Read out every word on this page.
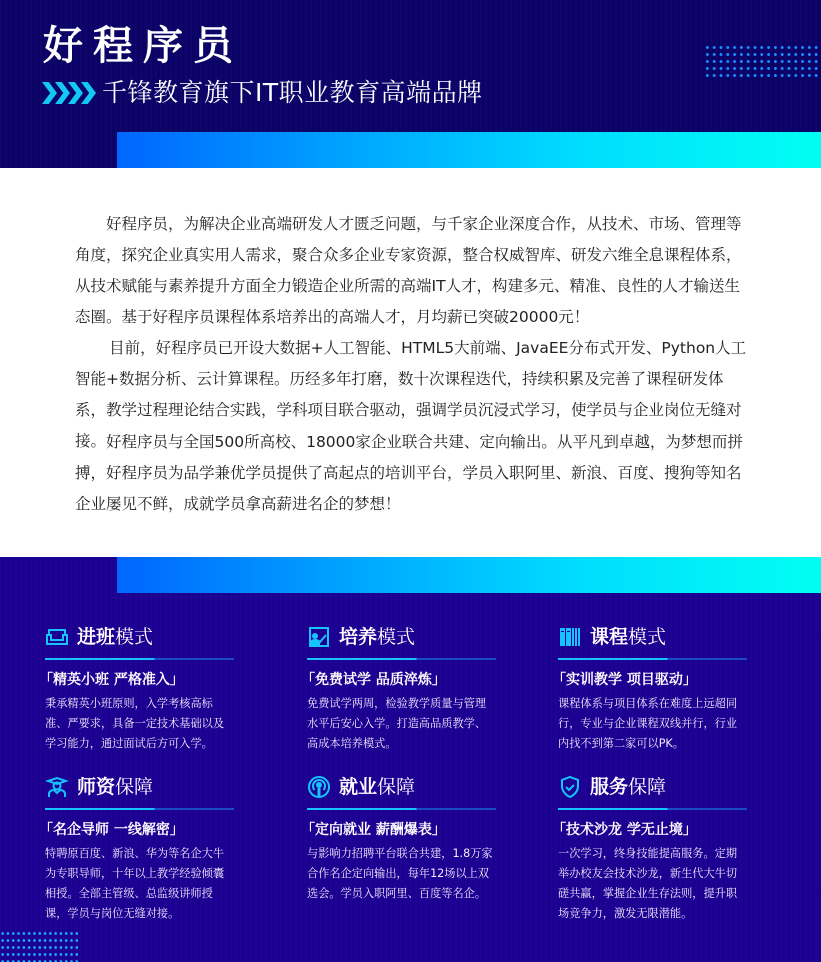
好程序员
千锋教育旗下IT职业教育高端品牌

好程序员，为解决企业高端研发人才匮乏问题，与千家企业深度合作，从技术、市场、管理等角度，探究企业真实用人需求，聚合众多企业专家资源，整合权威智库、研发六维全息课程体系，从技术赋能与素养提升方面全力锻造企业所需的高端IT人才，构建多元、精准、良性的人才输送生态圈。基于好程序员课程体系培养出的高端人才，月均薪已突破20000元！

目前，好程序员已开设大数据+人工智能、HTML5大前端、JavaEE分布式开发、Python人工智能+数据分析、云计算课程。历经多年打磨，数十次课程迭代，持续积累及完善了课程研发体系，教学过程理论结合实践，学科项目联合驱动，强调学员沉浸式学习，使学员与企业岗位无缝对接。 好程序员与全国500所高校、18000家企业联合共建、定向输出。从平凡到卓越，为梦想而拼搏，好程序员为品学兼优学员提供了高起点的培训平台，学员入职阿里、新浪、百度、搜狗等知名企业屡见不鲜，成就学员拿高薪进名企的梦想！

进班模式
「精英小班 严格准入」
秉承精英小班原则，入学考核高标准、严要求，具备一定技术基础以及学习能力，通过面试后方可入学。
培养模式
「免费试学 品质淬炼」
免费试学两周，检验教学质量与管理水平后安心入学。打造高品质教学、高成本培养模式。
课程模式
「实训教学 项目驱动」
课程体系与项目体系在难度上远超同行，专业与企业课程双线并行，行业内找不到第二家可以PK。
师资保障
「名企导师 一线解密」
特聘原百度、新浪、华为等名企大牛为专职导师，十年以上教学经验倾囊相授。全部主管级、总监级讲师授课，学员与岗位无缝对接。
就业保障
「定向就业 薪酬爆表」
与影响力招聘平台联合共建，1.8万家合作名企定向输出，每年12场以上双选会。学员入职阿里、百度等名企。
服务保障
「技术沙龙 学无止境」
一次学习，终身技能提高服务。定期举办校友会技术沙龙，新生代大牛切磋共赢，掌握企业生存法则，提升职场竞争力，激发无限潜能。
